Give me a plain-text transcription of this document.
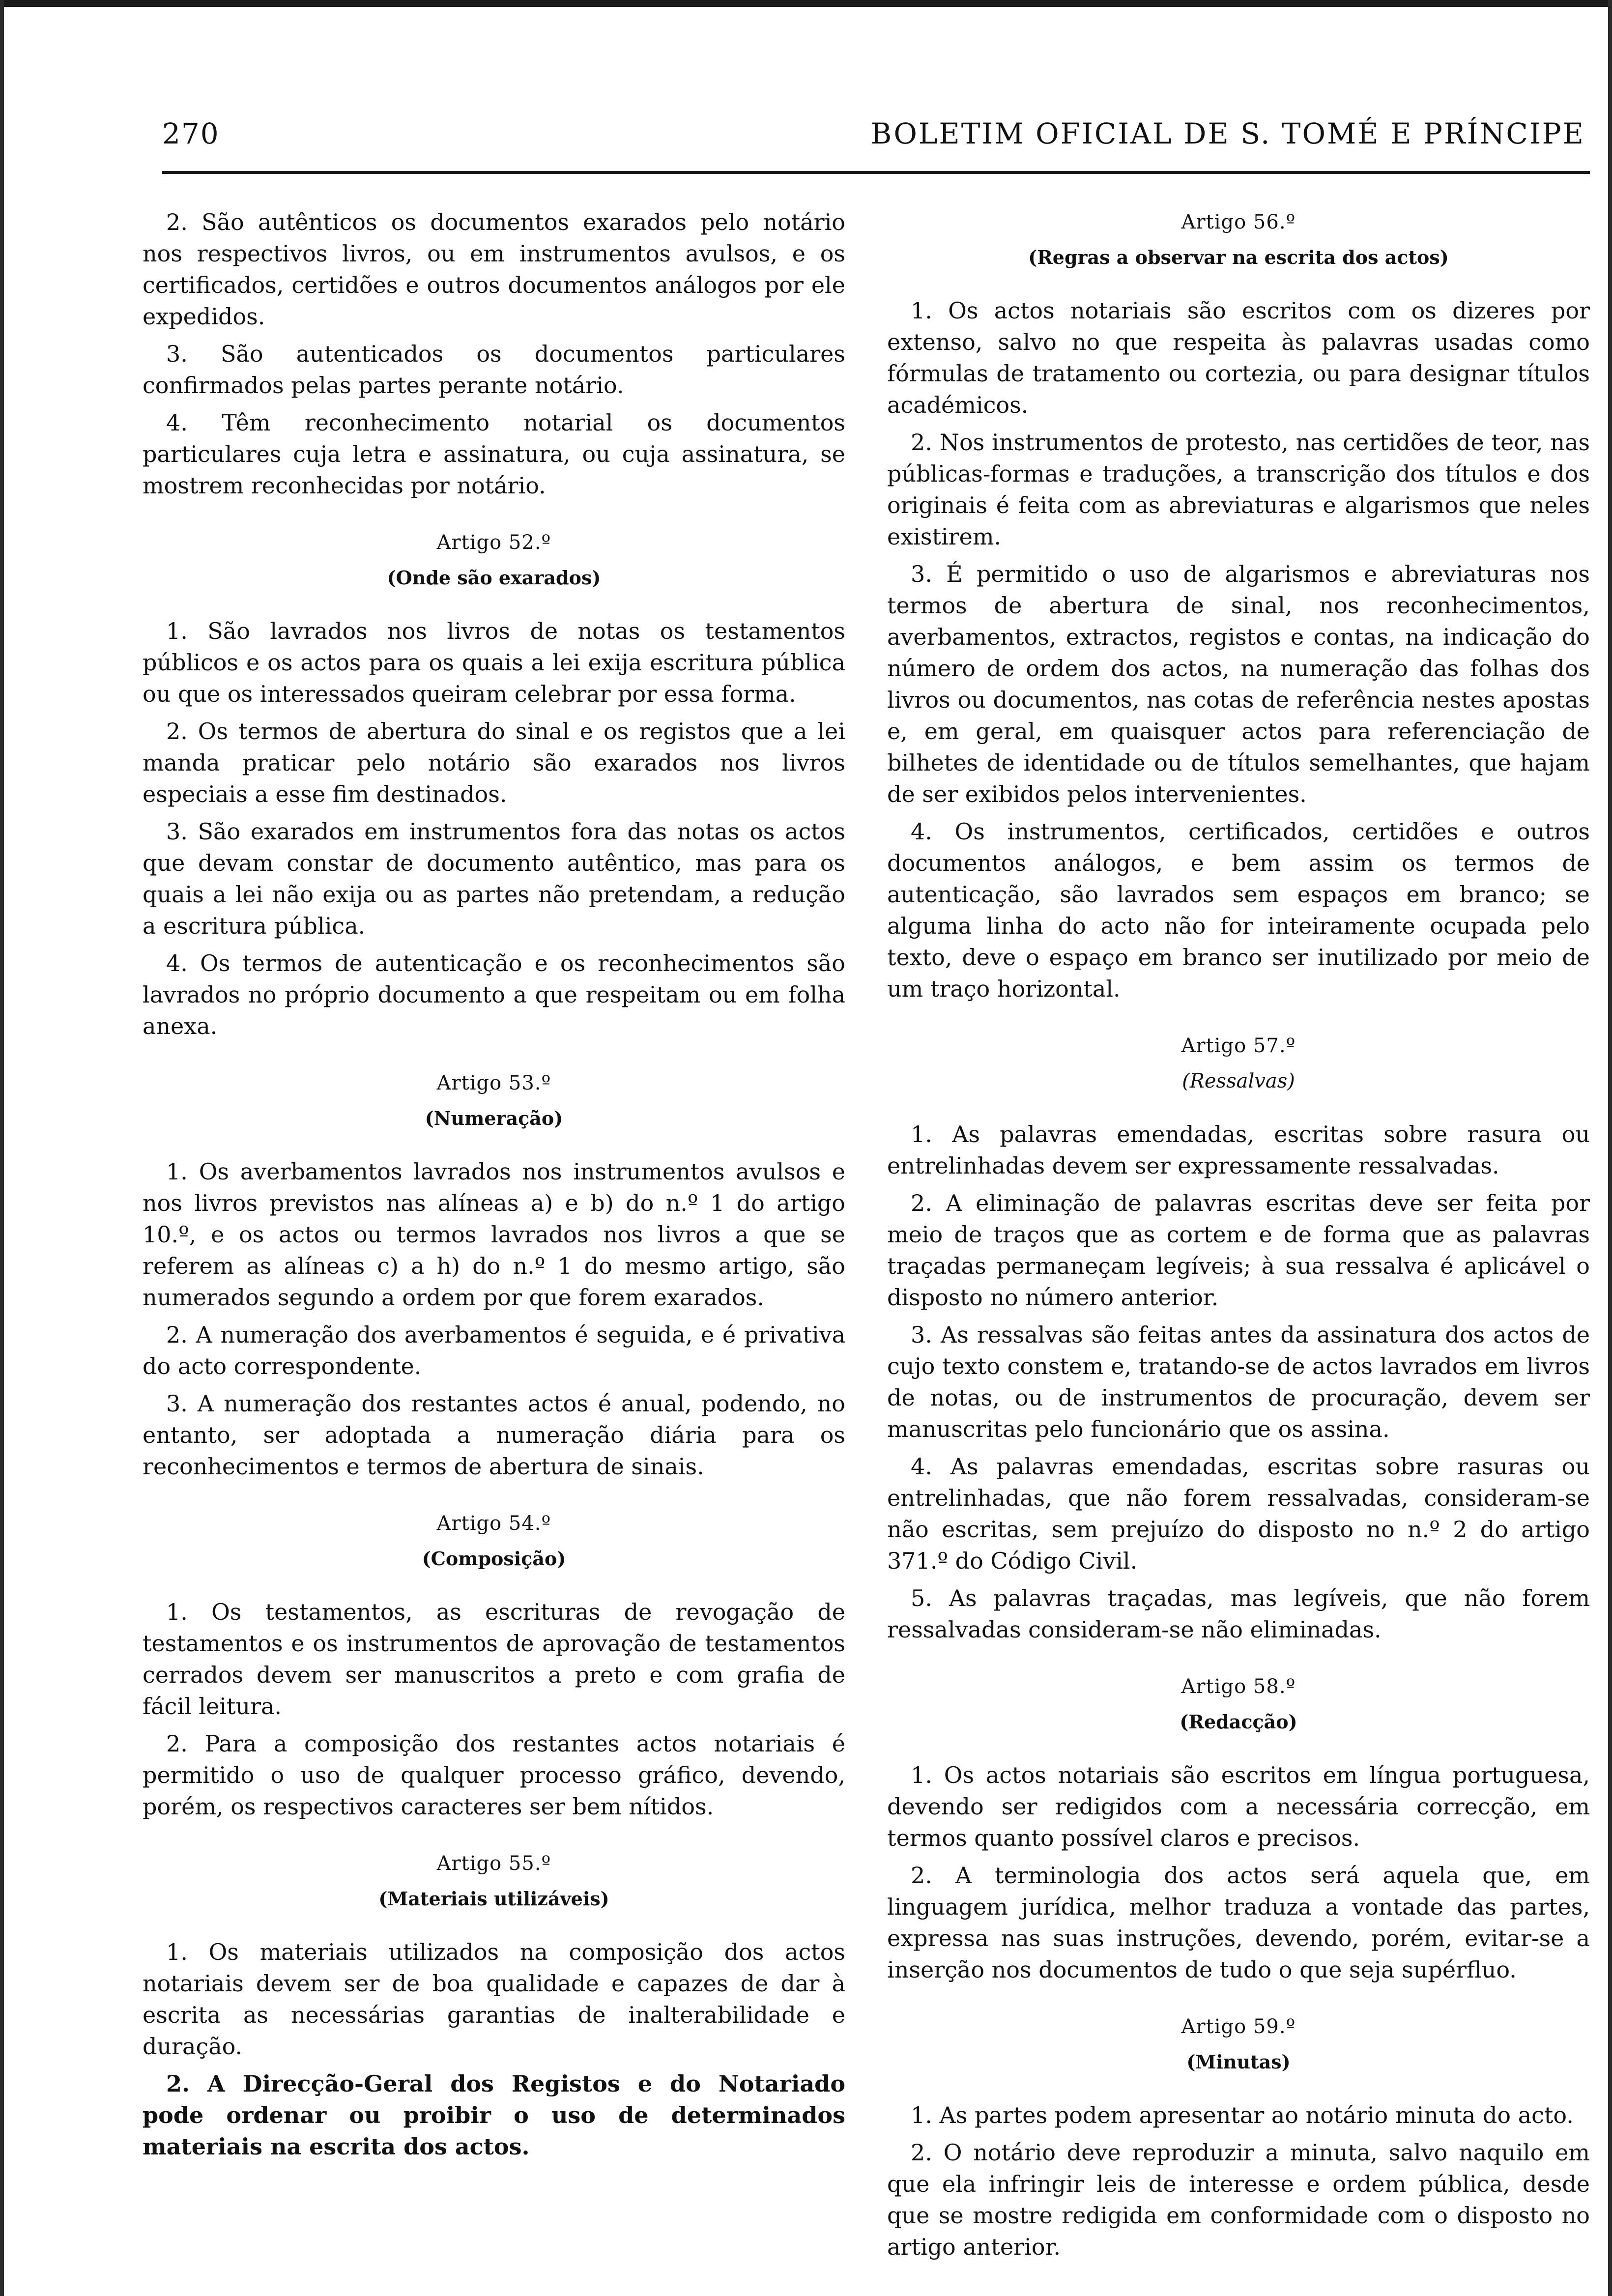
270	BOLETIM OFICIAL DE S. TOMÉ E PRÍNCIPE

2. São autênticos os documentos exarados pelo notário nos respectivos livros, ou em instrumentos avulsos, e os certificados, certidões e outros documentos análogos por ele expedidos.

3. São autenticados os documentos particulares confirmados pelas partes perante notário.

4. Têm reconhecimento notarial os documentos particulares cuja letra e assinatura, ou cuja assinatura, se mostrem reconhecidas por notário.

Artigo 52.º
(Onde são exarados)

1. São lavrados nos livros de notas os testamentos públicos e os actos para os quais a lei exija escritura pública ou que os interessados queiram celebrar por essa forma.

2. Os termos de abertura do sinal e os registos que a lei manda praticar pelo notário são exarados nos livros especiais a esse fim destinados.

3. São exarados em instrumentos fora das notas os actos que devam constar de documento autêntico, mas para os quais a lei não exija ou as partes não pretendam, a redução a escritura pública.

4. Os termos de autenticação e os reconhecimentos são lavrados no próprio documento a que respeitam ou em folha anexa.

Artigo 53.º
(Numeração)

1. Os averbamentos lavrados nos instrumentos avulsos e nos livros previstos nas alíneas a) e b) do n.º 1 do artigo 10.º, e os actos ou termos lavrados nos livros a que se referem as alíneas c) a h) do n.º 1 do mesmo artigo, são numerados segundo a ordem por que forem exarados.

2. A numeração dos averbamentos é seguida, e é privativa do acto correspondente.

3. A numeração dos restantes actos é anual, podendo, no entanto, ser adoptada a numeração diária para os reconhecimentos e termos de abertura de sinais.

Artigo 54.º
(Composição)

1. Os testamentos, as escrituras de revogação de testamentos e os instrumentos de aprovação de testamentos cerrados devem ser manuscritos a preto e com grafia de fácil leitura.

2. Para a composição dos restantes actos notariais é permitido o uso de qualquer processo gráfico, devendo, porém, os respectivos caracteres ser bem nítidos.

Artigo 55.º
(Materiais utilizáveis)

1. Os materiais utilizados na composição dos actos notariais devem ser de boa qualidade e capazes de dar à escrita as necessárias garantias de inalterabilidade e duração.

2. A Direcção-Geral dos Registos e do Notariado pode ordenar ou proibir o uso de determinados materiais na escrita dos actos.

Artigo 56.º
(Regras a observar na escrita dos actos)

1. Os actos notariais são escritos com os dizeres por extenso, salvo no que respeita às palavras usadas como fórmulas de tratamento ou cortezia, ou para designar títulos académicos.

2. Nos instrumentos de protesto, nas certidões de teor, nas públicas-formas e traduções, a transcrição dos títulos e dos originais é feita com as abreviaturas e algarismos que neles existirem.

3. É permitido o uso de algarismos e abreviaturas nos termos de abertura de sinal, nos reconhecimentos, averbamentos, extractos, registos e contas, na indicação do número de ordem dos actos, na numeração das folhas dos livros ou documentos, nas cotas de referência nestes apostas e, em geral, em quaisquer actos para referenciação de bilhetes de identidade ou de títulos semelhantes, que hajam de ser exibidos pelos intervenientes.

4. Os instrumentos, certificados, certidões e outros documentos análogos, e bem assim os termos de autenticação, são lavrados sem espaços em branco; se alguma linha do acto não for inteiramente ocupada pelo texto, deve o espaço em branco ser inutilizado por meio de um traço horizontal.

Artigo 57.º
(Ressalvas)

1. As palavras emendadas, escritas sobre rasura ou entrelinhadas devem ser expressamente ressalvadas.

2. A eliminação de palavras escritas deve ser feita por meio de traços que as cortem e de forma que as palavras traçadas permaneçam legíveis; à sua ressalva é aplicável o disposto no número anterior.

3. As ressalvas são feitas antes da assinatura dos actos de cujo texto constem e, tratando-se de actos lavrados em livros de notas, ou de instrumentos de procuração, devem ser manuscritas pelo funcionário que os assina.

4. As palavras emendadas, escritas sobre rasuras ou entrelinhadas, que não forem ressalvadas, consideram-se não escritas, sem prejuízo do disposto no n.º 2 do artigo 371.º do Código Civil.

5. As palavras traçadas, mas legíveis, que não forem ressalvadas consideram-se não eliminadas.

Artigo 58.º
(Redacção)

1. Os actos notariais são escritos em língua portuguesa, devendo ser redigidos com a necessária correcção, em termos quanto possível claros e precisos.

2. A terminologia dos actos será aquela que, em linguagem jurídica, melhor traduza a vontade das partes, expressa nas suas instruções, devendo, porém, evitar-se a inserção nos documentos de tudo o que seja supérfluo.

Artigo 59.º
(Minutas)

1. As partes podem apresentar ao notário minuta do acto.

2. O notário deve reproduzir a minuta, salvo naquilo em que ela infringir leis de interesse e ordem pública, desde que se mostre redigida em conformidade com o disposto no artigo anterior.
